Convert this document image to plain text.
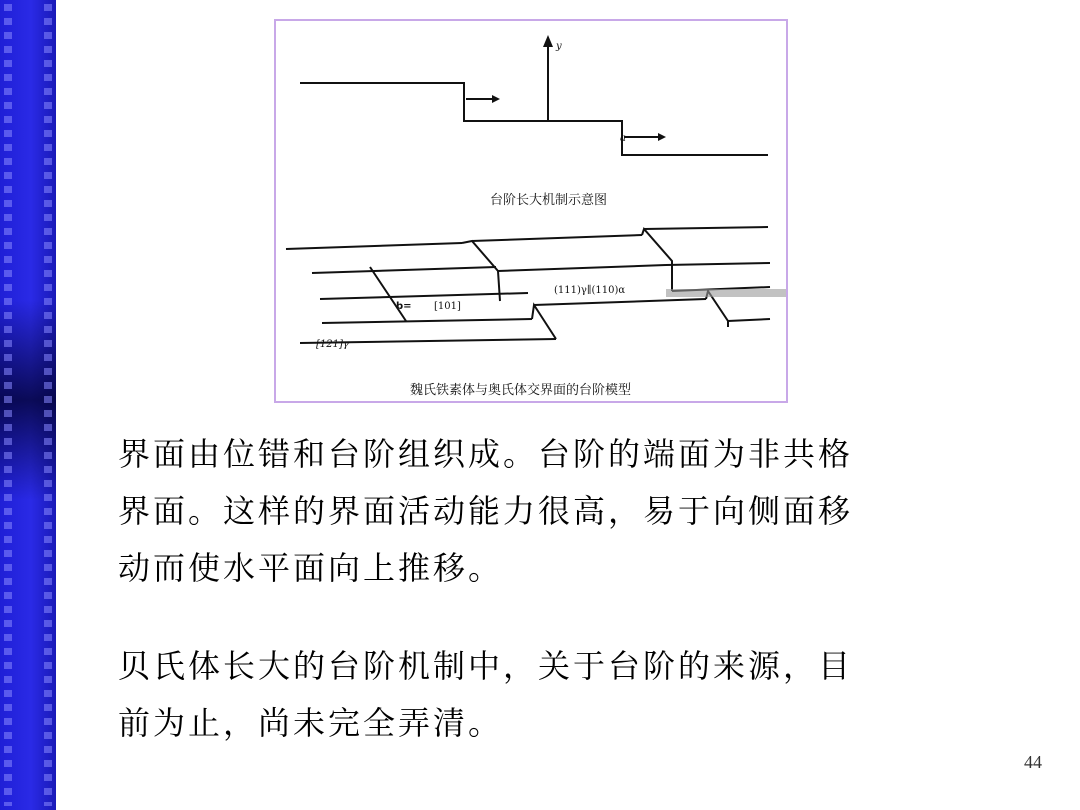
y
a
台阶长大机制示意图
(111)γ∥(110)α
b= [101]
[121]γ
魏氏铁素体与奥氏体交界面的台阶模型

界面由位错和台阶组织成。台阶的端面为非共格
界面。这样的界面活动能力很高，易于向侧面移
动而使水平面向上推移。

贝氏体长大的台阶机制中，关于台阶的来源，目
前为止，尚未完全弄清。

44
